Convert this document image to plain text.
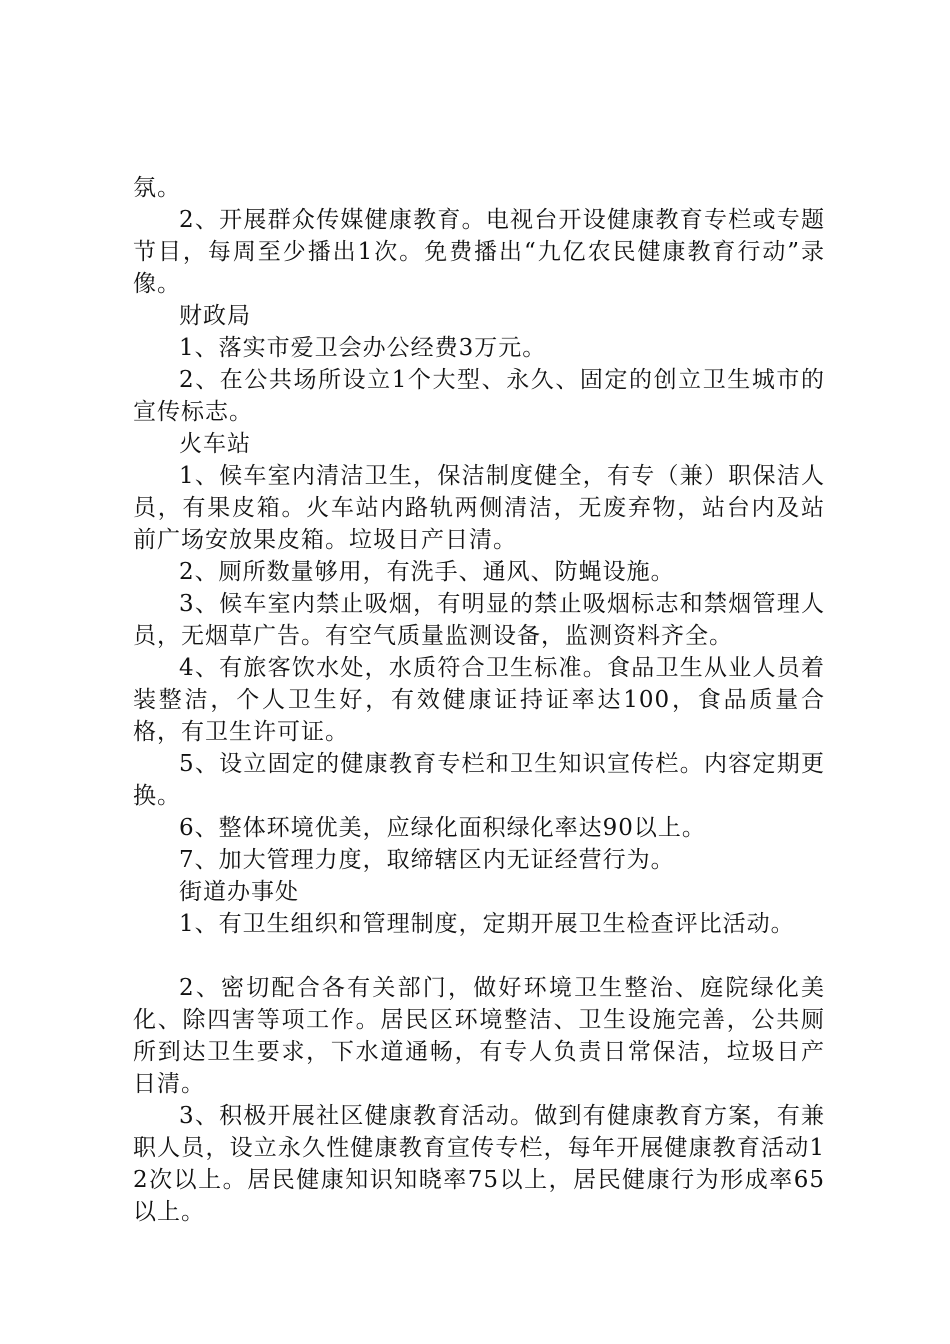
氛。

2、开展群众传媒健康教育。电视台开设健康教育专栏或专题节目，每周至少播出1次。免费播出“九亿农民健康教育行动”录像。

财政局

1、落实市爱卫会办公经费3万元。

2、在公共场所设立1个大型、永久、固定的创立卫生城市的宣传标志。

火车站

1、候车室内清洁卫生，保洁制度健全，有专（兼）职保洁人员，有果皮箱。火车站内路轨两侧清洁，无废弃物，站台内及站前广场安放果皮箱。垃圾日产日清。

2、厕所数量够用，有洗手、通风、防蝇设施。

3、候车室内禁止吸烟，有明显的禁止吸烟标志和禁烟管理人员，无烟草广告。有空气质量监测设备，监测资料齐全。

4、有旅客饮水处，水质符合卫生标准。食品卫生从业人员着装整洁，个人卫生好，有效健康证持证率达100，食品质量合格，有卫生许可证。

5、设立固定的健康教育专栏和卫生知识宣传栏。内容定期更换。

6、整体环境优美，应绿化面积绿化率达90以上。

7、加大管理力度，取缔辖区内无证经营行为。

街道办事处

1、有卫生组织和管理制度，定期开展卫生检查评比活动。

2、密切配合各有关部门，做好环境卫生整治、庭院绿化美化、除四害等项工作。居民区环境整洁、卫生设施完善，公共厕所到达卫生要求，下水道通畅，有专人负责日常保洁，垃圾日产日清。

3、积极开展社区健康教育活动。做到有健康教育方案，有兼职人员，设立永久性健康教育宣传专栏，每年开展健康教育活动12次以上。居民健康知识知晓率75以上，居民健康行为形成率65以上。
